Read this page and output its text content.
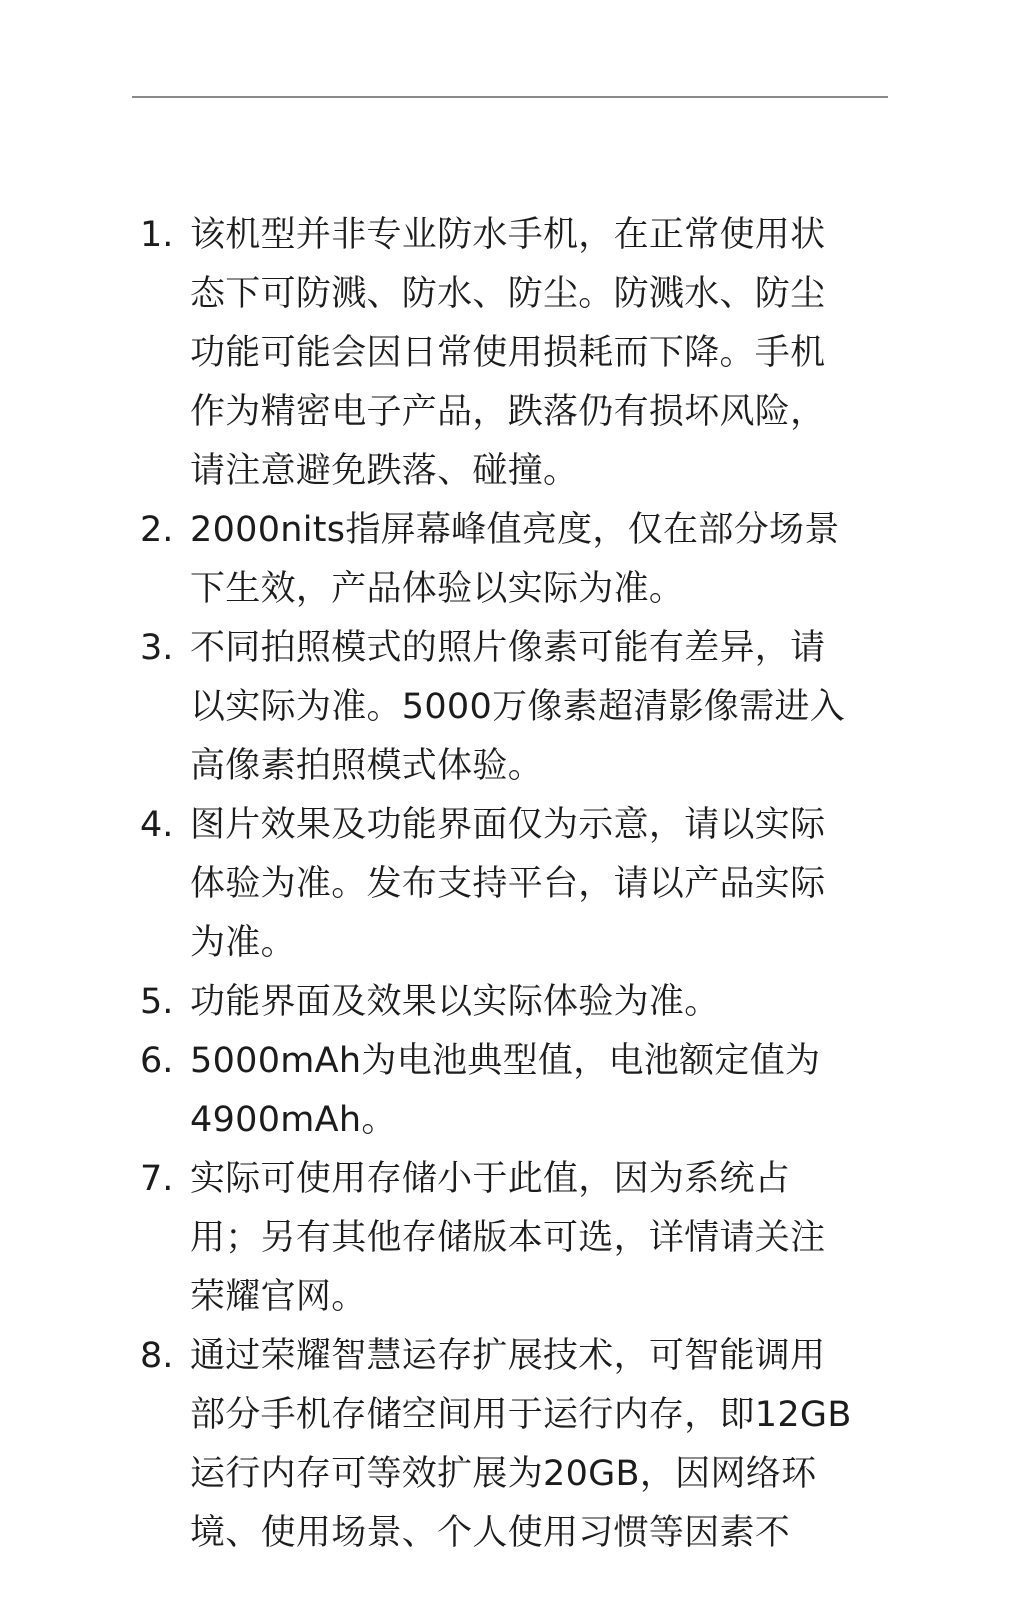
1. 该机型并非专业防水手机，在正常使用状
态下可防溅、防水、防尘。防溅水、防尘
功能可能会因日常使用损耗而下降。手机
作为精密电子产品，跌落仍有损坏风险，
请注意避免跌落、碰撞。
2. 2000nits指屏幕峰值亮度，仅在部分场景
下生效，产品体验以实际为准。
3. 不同拍照模式的照片像素可能有差异，请
以实际为准。5000万像素超清影像需进入
高像素拍照模式体验。
4. 图片效果及功能界面仅为示意，请以实际
体验为准。发布支持平台，请以产品实际
为准。
5. 功能界面及效果以实际体验为准。
6. 5000mAh为电池典型值，电池额定值为
4900mAh。
7. 实际可使用存储小于此值，因为系统占
用；另有其他存储版本可选，详情请关注
荣耀官网。
8. 通过荣耀智慧运存扩展技术，可智能调用
部分手机存储空间用于运行内存，即12GB
运行内存可等效扩展为20GB，因网络环
境、使用场景、个人使用习惯等因素不
